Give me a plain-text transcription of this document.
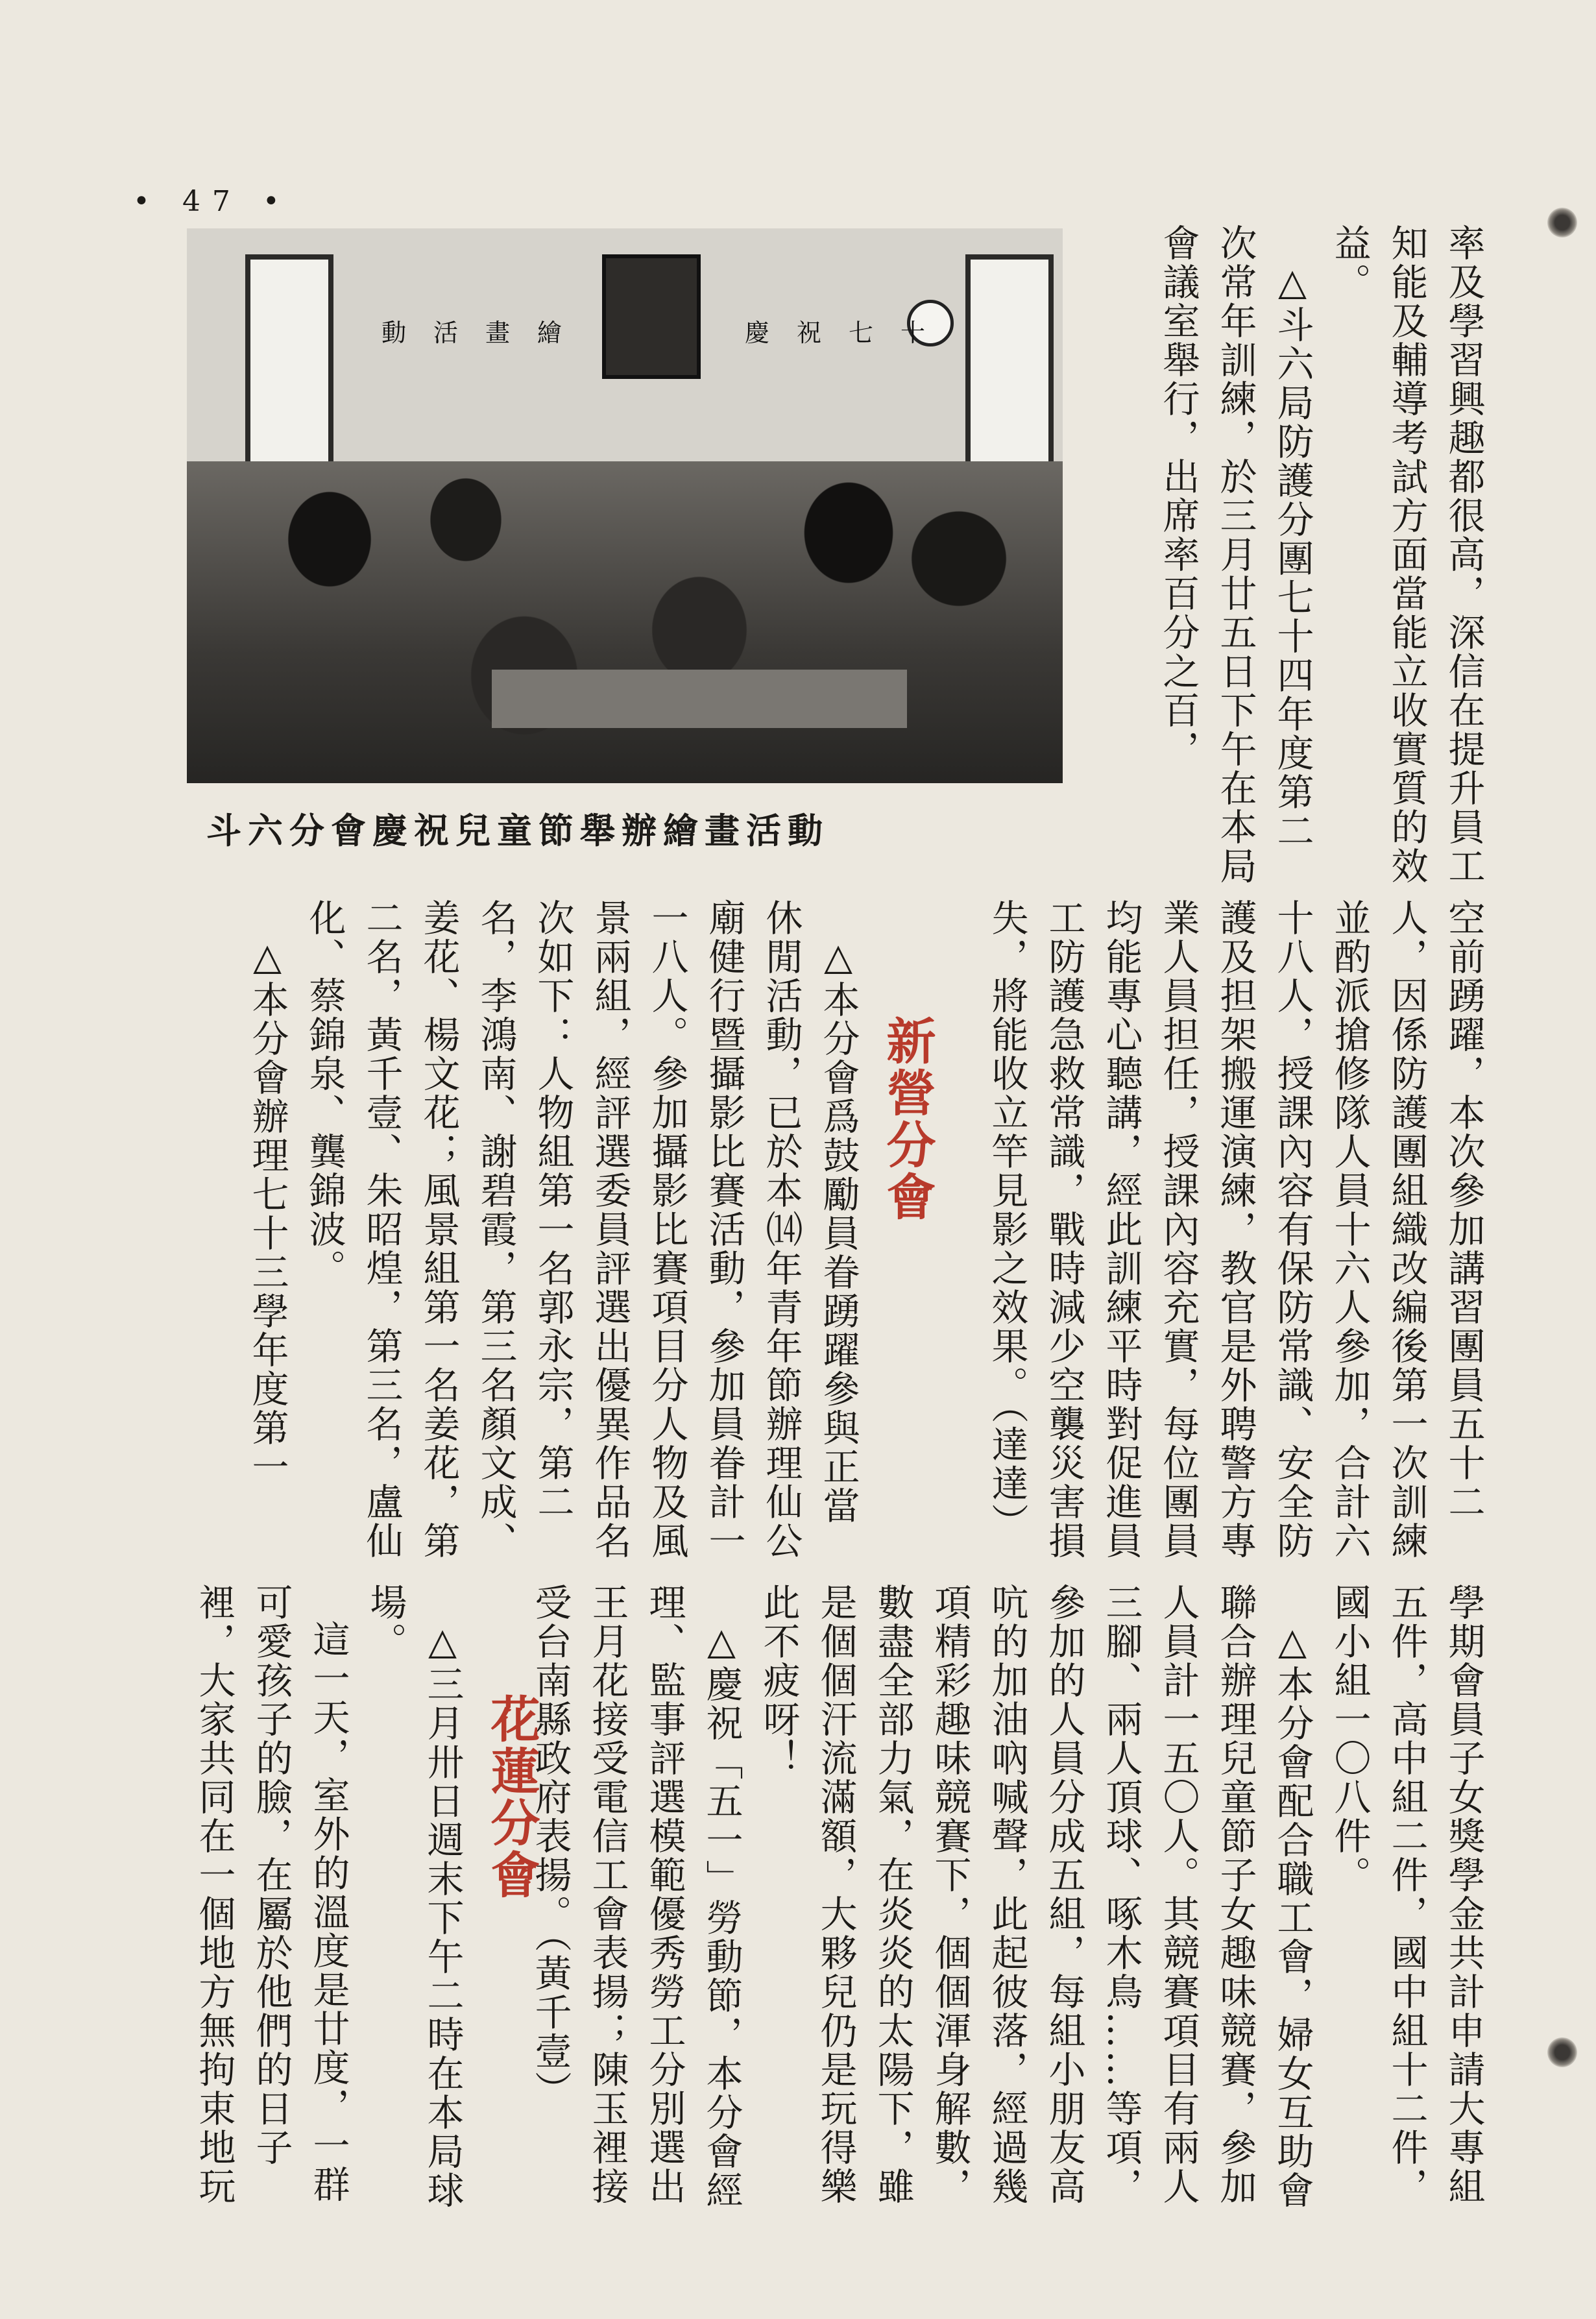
• 47 •
動活畫繪	慶祝七十
斗六分會慶祝兒童節舉辦繪畫活動	率及學習興趣都很高，深信在提升員工知能及輔導考試方面當能立收實質的效益。

△斗六局防護分團七十四年度第二次常年訓練，於三月廿五日下午在本局會議室舉行，出席率百分之百，

空前踴躍，本次參加講習團員五十二人，因係防護團組織改編後第一次訓練並酌派搶修隊人員十六人參加，合計六十八人，授課內容有保防常識、安全防護及担架搬運演練，教官是外聘警方專業人員担任，授課內容充實，每位團員均能專心聽講，經此訓練平時對促進員工防護急救常識，戰時減少空襲災害損失，將能收立竿見影之效果。（達達）

新營分會

△本分會爲鼓勵員眷踴躍參與正當休閒活動，已於本⒁年青年節辦理仙公廟健行暨攝影比賽活動，參加員眷計一一八人。參加攝影比賽項目分人物及風景兩組，經評選委員評選出優異作品名次如下：人物組第一名郭永宗，第二名，李鴻南、謝碧霞，第三名顏文成、姜花、楊文花；風景組第一名姜花，第二名，黃千壹、朱昭煌，第三名，盧仙化、蔡錦泉、龔錦波。

△本分會辦理七十三學年度第一

學期會員子女獎學金共計申請大專組五件，高中組二件，國中組十二件，國小組一〇八件。

△本分會配合職工會，婦女互助會聯合辦理兒童節子女趣味競賽，參加人員計一五〇人。其競賽項目有兩人三腳、兩人頂球、啄木鳥……等項，參加的人員分成五組，每組小朋友高吭的加油吶喊聲，此起彼落，經過幾項精彩趣味競賽下，個個渾身解數，數盡全部力氣，在炎炎的太陽下，雖是個個汗流滿額，大夥兒仍是玩得樂此不疲呀！

△慶祝「五一」勞動節，本分會經理、監事評選模範優秀勞工分別選出王月花接受電信工會表揚；陳玉裡接受台南縣政府表揚。（黃千壹）

花蓮分會

△三月卅日週末下午二時在本局球場。

這一天，室外的溫度是廿度，一群可愛孩子的臉，在屬於他們的日子裡，大家共同在一個地方無拘束地玩
